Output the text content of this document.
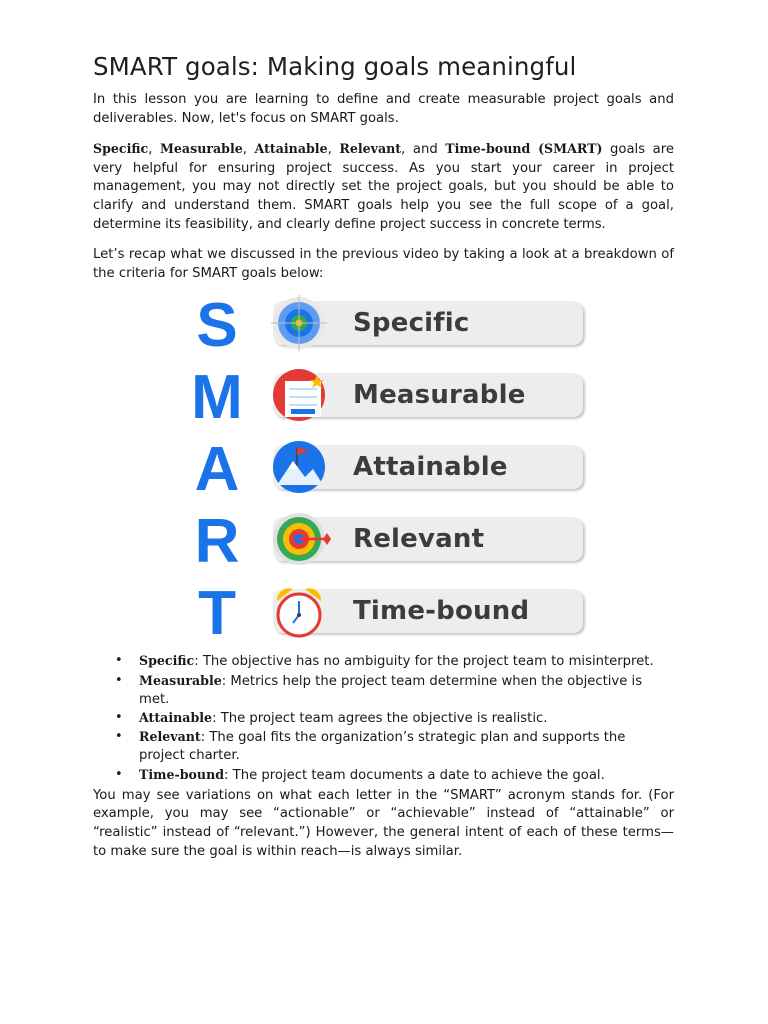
SMART goals: Making goals meaningful

In this lesson you are learning to define and create measurable project goals and deliverables. Now, let's focus on SMART goals.

Specific, Measurable, Attainable, Relevant, and Time-bound (SMART) goals are very helpful for ensuring project success. As you start your career in project management, you may not directly set the project goals, but you should be able to clarify and understand them. SMART goals help you see the full scope of a goal, determine its feasibility, and clearly define project success in concrete terms.

Let’s recap what we discussed in the previous video by taking a look at a breakdown of the criteria for SMART goals below:

S	Specific
M	Measurable
A	Attainable
R	Relevant
T	Time-bound
• Specific: The objective has no ambiguity for the project team to misinterpret.
• Measurable: Metrics help the project team determine when the objective is met.
• Attainable: The project team agrees the objective is realistic.
• Relevant: The goal fits the organization’s strategic plan and supports the project charter.
• Time-bound: The project team documents a date to achieve the goal.

You may see variations on what each letter in the “SMART” acronym stands for. (For example, you may see “actionable” or “achievable” instead of “attainable” or “realistic” instead of “relevant.”) However, the general intent of each of these terms—to make sure the goal is within reach—is always similar.
